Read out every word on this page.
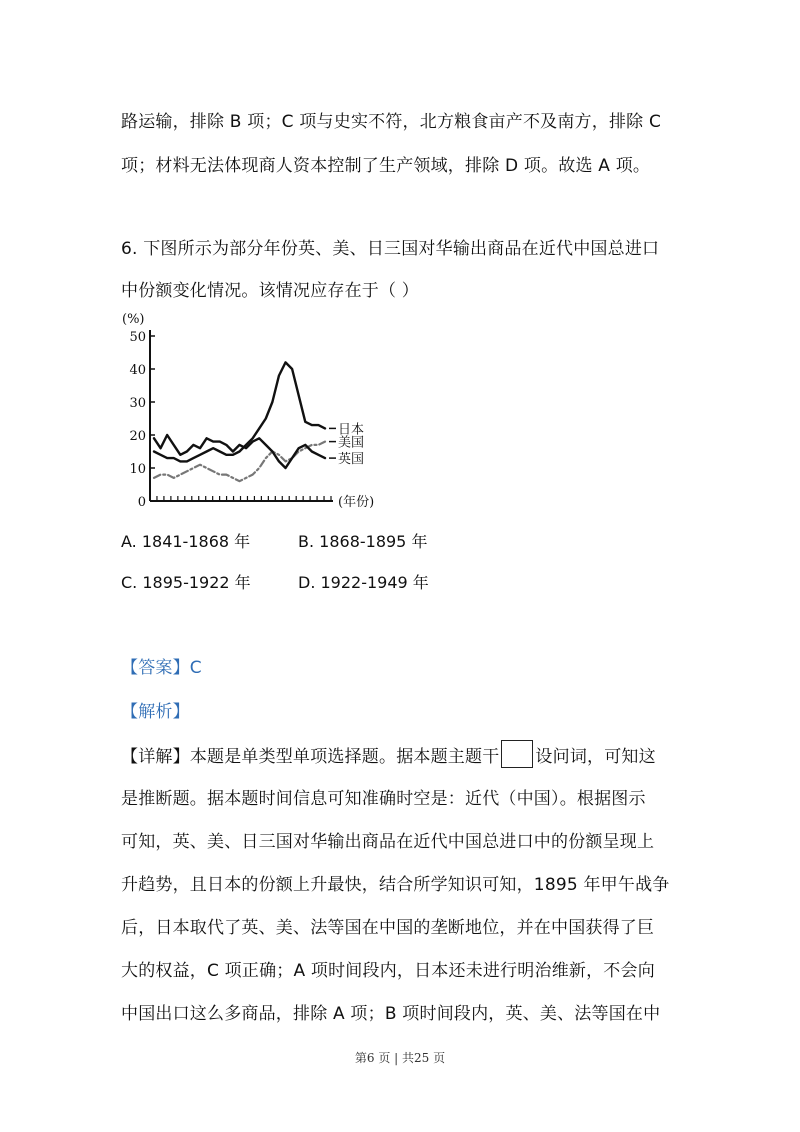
路运输，排除 B 项；C 项与史实不符，北方粮食亩产不及南方，排除 C
项；材料无法体现商人资本控制了生产领域，排除 D 项。故选 A 项。
6. 下图所示为部分年份英、美、日三国对华输出商品在近代中国总进口
中份额变化情况。该情况应存在于（ ）
(%)
0
10
20
30
40
50
日本
美国
英国
(年份)
A. 1841-1868 年	B. 1868-1895 年
C. 1895-1922 年	D. 1922-1949 年
【答案】C
【解析】
【详解】本题是单类型单项选择题。据本题主题干 设问词，可知这
是推断题。据本题时间信息可知准确时空是：近代（中国）。根据图示
可知，英、美、日三国对华输出商品在近代中国总进口中的份额呈现上
升趋势，且日本的份额上升最快，结合所学知识可知，1895 年甲午战争
后，日本取代了英、美、法等国在中国的垄断地位，并在中国获得了巨
大的权益，C 项正确；A 项时间段内，日本还未进行明治维新，不会向
中国出口这么多商品，排除 A 项；B 项时间段内，英、美、法等国在中
第6 页 | 共25 页
